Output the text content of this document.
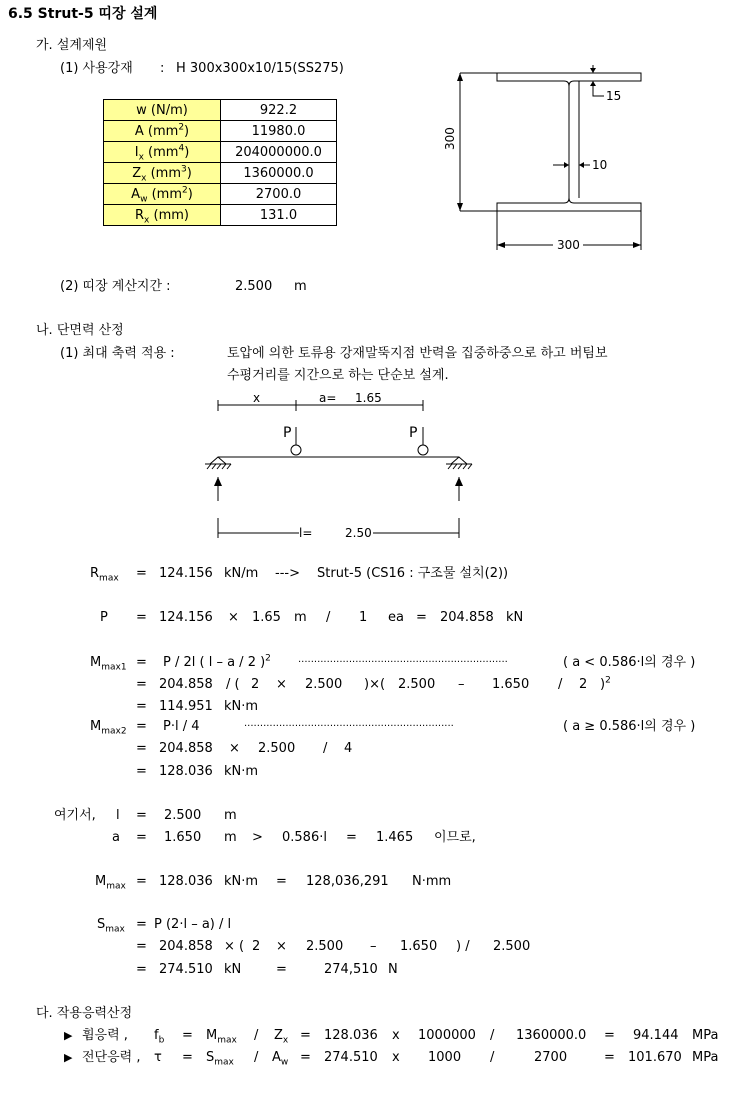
6.5 Strut-5 띠장 설계
가. 설계제원
(1) 사용강재 : H 300x300x10/15(SS275)
w (N/m)	922.2
A $(mm^2)$	11980.0
$I_x$ $(mm^4)$	204000000.0
$Z_x$ $(mm^3)$	1360000.0
$A_w$ $(mm^2)$	2700.0
$R_x$ (mm)	131.0
300
15
10
300
(2) 띠장 계산지간 :	2.500 m
나. 단면력 산정
(1) 최대 축력 적용 :	토압에 의한 토류용 강재말뚝지점 반력을 집중하중으로 하고 버팀보
수평거리를 지간으로 하는 단순보 설계.
x	a= 1.65
P	P
l=	2.50
$R_{max} = 124.156$ kN/m ---> Strut-5 (CS16 : 구조물 설치(2))
P = 124.156 × 1.65 m / 1 ea = 204.858 kN
$M_{max1} = P / 2l$ ( l – a / 2 )$^2$	··································································	( a < 0.586·l의 경우 )
= 204.858 / ( 2 × 2.500 )×( 2.500 – 1.650 / 2 )$^2$
= 114.951 kN·m
$M_{max2} = P\cdot l / 4$	··································································	( a ≥ 0.586·l의 경우 )
= 204.858 × 2.500 / 4
= 128.036 kN·m
여기서, l = 2.500 m
a = 1.650 m > 0.586·l = 1.465 이므로,
$M_{max} = 128.036$ kN·m = 128,036,291 N·mm
$S_{max} = P$ (2·l – a) / l
= 204.858 × ( 2 × 2.500 – 1.650 ) / 2.500
= 274.510 kN	=	274,510 N
다. 작용응력산정
▶ 휨응력 , $f_b = M_{max} / Z_x = 128.036$ x 1000000 / 1360000.0 = 94.144 MPa
▶ 전단응력 , $\tau = S_{max} / A_w = 274.510$ x 1000 /	2700	= 101.670 MPa
